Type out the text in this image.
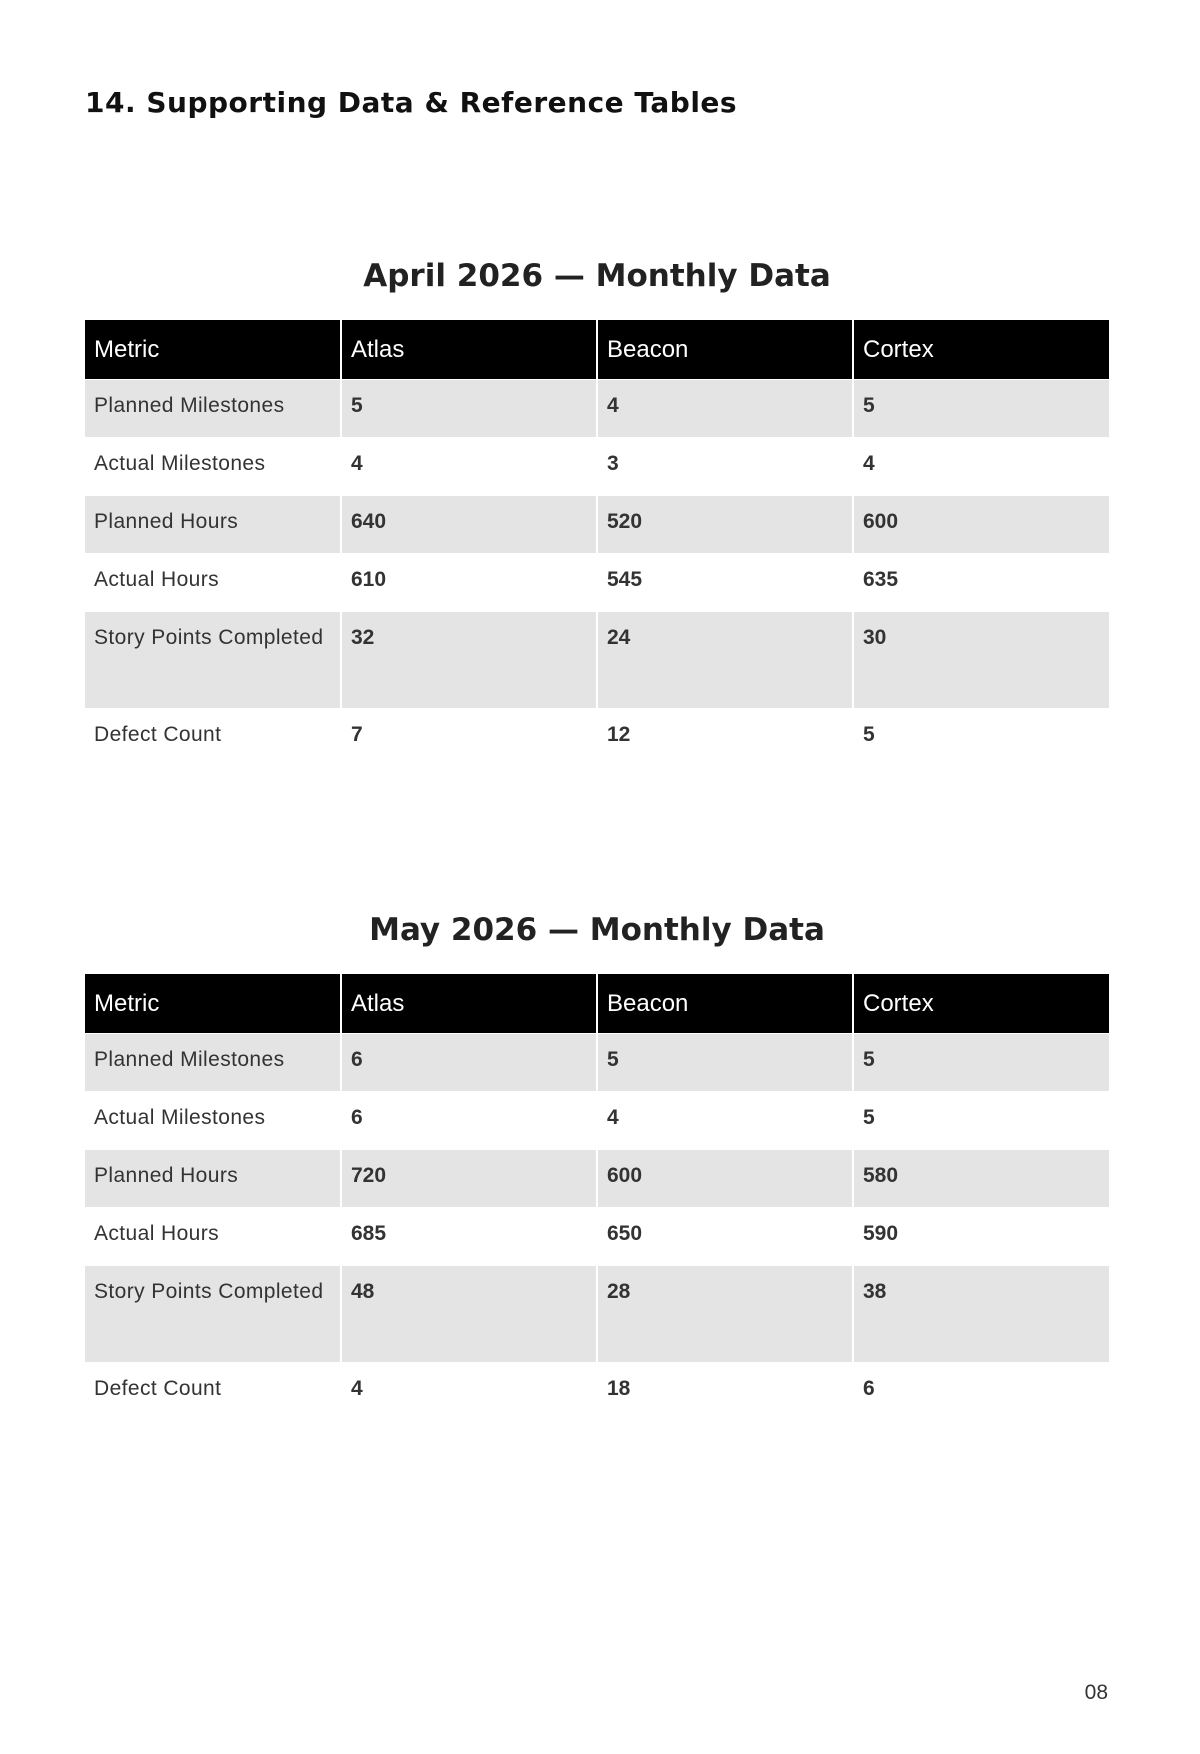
14. Supporting Data & Reference Tables
April 2026 — Monthly Data
Metric	Atlas	Beacon	Cortex
Planned Milestones	5	4	5
Actual Milestones	4	3	4
Planned Hours	640	520	600
Actual Hours	610	545	635
Story Points Completed	32	24	30
Defect Count	7	12	5
May 2026 — Monthly Data
Metric	Atlas	Beacon	Cortex
Planned Milestones	6	5	5
Actual Milestones	6	4	5
Planned Hours	720	600	580
Actual Hours	685	650	590
Story Points Completed	48	28	38
Defect Count	4	18	6
08
